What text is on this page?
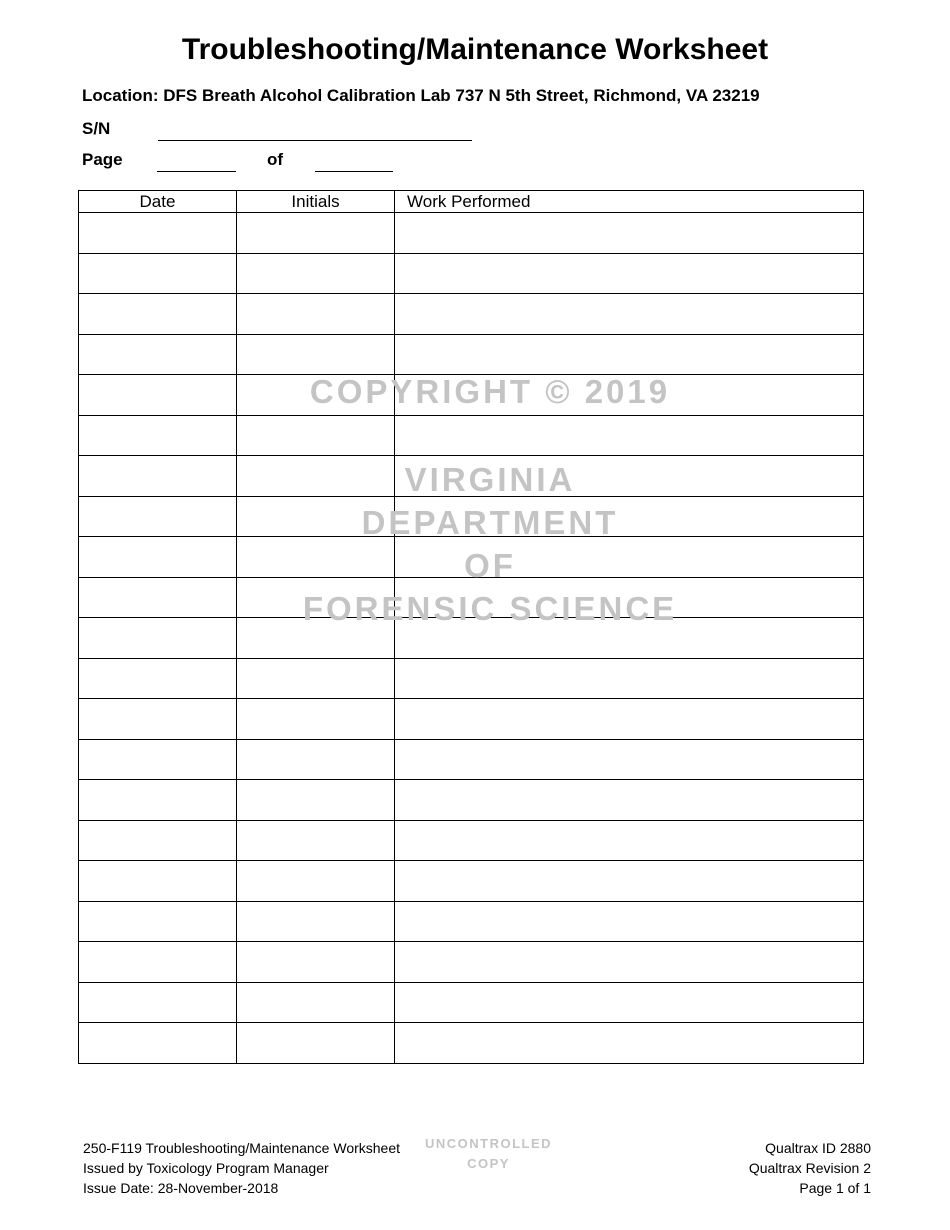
Troubleshooting/Maintenance Worksheet
Location: DFS Breath Alcohol Calibration Lab 737 N 5th Street, Richmond, VA 23219
S/N
Page	of
Date	Initials	Work Performed

COPYRIGHT © 2019
VIRGINIA
DEPARTMENT
OF
FORENSIC SCIENCE
250-F119 Troubleshooting/Maintenance Worksheet
Issued by Toxicology Program Manager
Issue Date: 28-November-2018
UNCONTROLLED
COPY
Qualtrax ID 2880
Qualtrax Revision 2
Page 1 of 1
